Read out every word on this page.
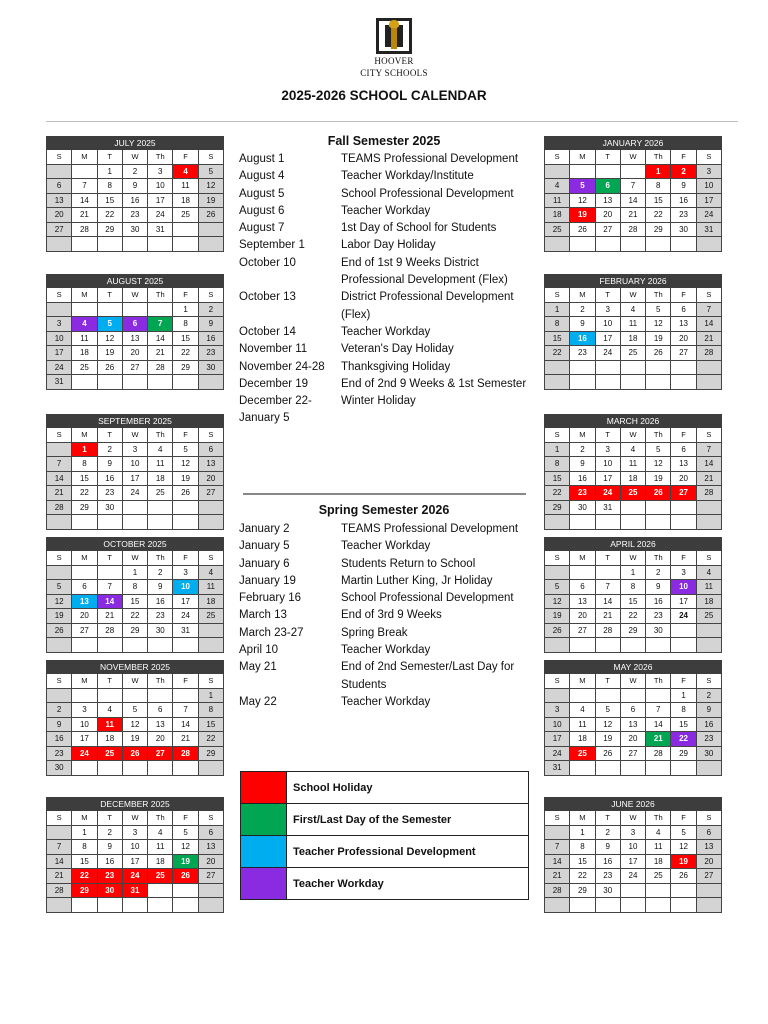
HOOVER
CITY SCHOOLS
2025-2026 SCHOOL CALENDAR
JULY 2025						
S	M	T	W	Th	F	S
		1	2	3	4	5
6	7	8	9	10	11	12
13	14	15	16	17	18	19
20	21	22	23	24	25	26
27	28	29	30	31		

AUGUST 2025						
S	M	T	W	Th	F	S
					1	2
3	4	5	6	7	8	9
10	11	12	13	14	15	16
17	18	19	20	21	22	23
24	25	26	27	28	29	30
31						
SEPTEMBER 2025						
S	M	T	W	Th	F	S
	1	2	3	4	5	6
7	8	9	10	11	12	13
14	15	16	17	18	19	20
21	22	23	24	25	26	27
28	29	30				

OCTOBER 2025						
S	M	T	W	Th	F	S
			1	2	3	4
5	6	7	8	9	10	11
12	13	14	15	16	17	18
19	20	21	22	23	24	25
26	27	28	29	30	31	

NOVEMBER 2025						
S	M	T	W	Th	F	S
						1
2	3	4	5	6	7	8
9	10	11	12	13	14	15
16	17	18	19	20	21	22
23	24	25	26	27	28	29
30						
DECEMBER 2025						
S	M	T	W	Th	F	S
	1	2	3	4	5	6
7	8	9	10	11	12	13
14	15	16	17	18	19	20
21	22	23	24	25	26	27
28	29	30	31			

JANUARY 2026						
S	M	T	W	Th	F	S
				1	2	3
4	5	6	7	8	9	10
11	12	13	14	15	16	17
18	19	20	21	22	23	24
25	26	27	28	29	30	31

FEBRUARY 2026						
S	M	T	W	Th	F	S
1	2	3	4	5	6	7
8	9	10	11	12	13	14
15	16	17	18	19	20	21
22	23	24	25	26	27	28

MARCH 2026						
S	M	T	W	Th	F	S
1	2	3	4	5	6	7
8	9	10	11	12	13	14
15	16	17	18	19	20	21
22	23	24	25	26	27	28
29	30	31				

APRIL 2026						
S	M	T	W	Th	F	S
			1	2	3	4
5	6	7	8	9	10	11
12	13	14	15	16	17	18
19	20	21	22	23	24	25
26	27	28	29	30		

MAY 2026						
S	M	T	W	Th	F	S
					1	2
3	4	5	6	7	8	9
10	11	12	13	14	15	16
17	18	19	20	21	22	23
24	25	26	27	28	29	30
31						
JUNE 2026						
S	M	T	W	Th	F	S
	1	2	3	4	5	6
7	8	9	10	11	12	13
14	15	16	17	18	19	20
21	22	23	24	25	26	27
28	29	30				

Fall Semester 2025
August 1	TEAMS Professional Development
August 4	Teacher Workday/Institute
August 5	School Professional Development
August 6	Teacher Workday
August 7	1st Day of School for Students
September 1	Labor Day Holiday
October 10	End of 1st 9 Weeks District Professional Development (Flex)
October 13	District Professional Development (Flex)
October 14	Teacher Workday
November 11	Veteran's Day Holiday
November 24-28	Thanksgiving Holiday
December 19	End of 2nd 9 Weeks & 1st Semester
December 22- January 5
Winter Holiday
Spring Semester 2026
January 2	TEAMS Professional Development
January 5	Teacher Workday
January 6	Students Return to School
January 19	Martin Luther King, Jr Holiday
February 16	School Professional Development
March 13	End of 3rd 9 Weeks
March 23-27	Spring Break
April 10	Teacher Workday
May 21	End of 2nd Semester/Last Day for Students
May 22	Teacher Workday
	School Holiday
	First/Last Day of the Semester
	Teacher Professional Development
	Teacher Workday
